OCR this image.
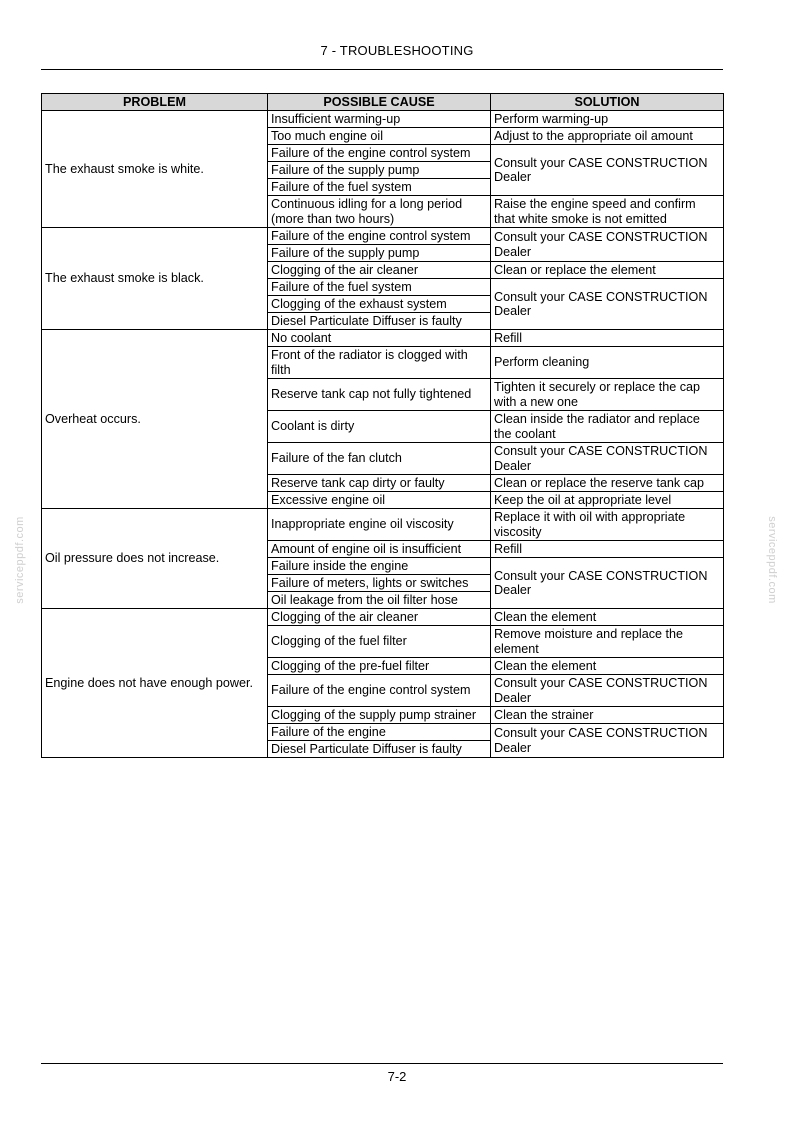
7 - TROUBLESHOOTING
PROBLEM	POSSIBLE CAUSE	SOLUTION
The exhaust smoke is white.	Insufficient warming-up	Perform warming-up
	Too much engine oil	Adjust to the appropriate oil amount
	Failure of the engine control system	Consult your CASE CONSTRUCTION Dealer
	Failure of the supply pump	
	Failure of the fuel system	
	Continuous idling for a long period (more than two hours)	Raise the engine speed and confirm that white smoke is not emitted
The exhaust smoke is black.	Failure of the engine control system	Consult your CASE CONSTRUCTION Dealer
	Failure of the supply pump	
	Clogging of the air cleaner	Clean or replace the element
	Failure of the fuel system	Consult your CASE CONSTRUCTION Dealer
	Clogging of the exhaust system	
	Diesel Particulate Diffuser is faulty	
Overheat occurs.	No coolant	Refill
	Front of the radiator is clogged with filth	Perform cleaning
	Reserve tank cap not fully tightened	Tighten it securely or replace the cap with a new one
	Coolant is dirty	Clean inside the radiator and replace the coolant
	Failure of the fan clutch	Consult your CASE CONSTRUCTION Dealer
	Reserve tank cap dirty or faulty	Clean or replace the reserve tank cap
	Excessive engine oil	Keep the oil at appropriate level
Oil pressure does not increase.	Inappropriate engine oil viscosity	Replace it with oil with appropriate viscosity
	Amount of engine oil is insufficient	Refill
	Failure inside the engine	Consult your CASE CONSTRUCTION Dealer
	Failure of meters, lights or switches	
	Oil leakage from the oil filter hose	
Engine does not have enough power.	Clogging of the air cleaner	Clean the element
	Clogging of the fuel filter	Remove moisture and replace the element
	Clogging of the pre-fuel filter	Clean the element
	Failure of the engine control system	Consult your CASE CONSTRUCTION Dealer
	Clogging of the supply pump strainer	Clean the strainer
	Failure of the engine	Consult your CASE CONSTRUCTION Dealer
	Diesel Particulate Diffuser is faulty	
7-2
serviceppdf.com	serviceppdf.com
